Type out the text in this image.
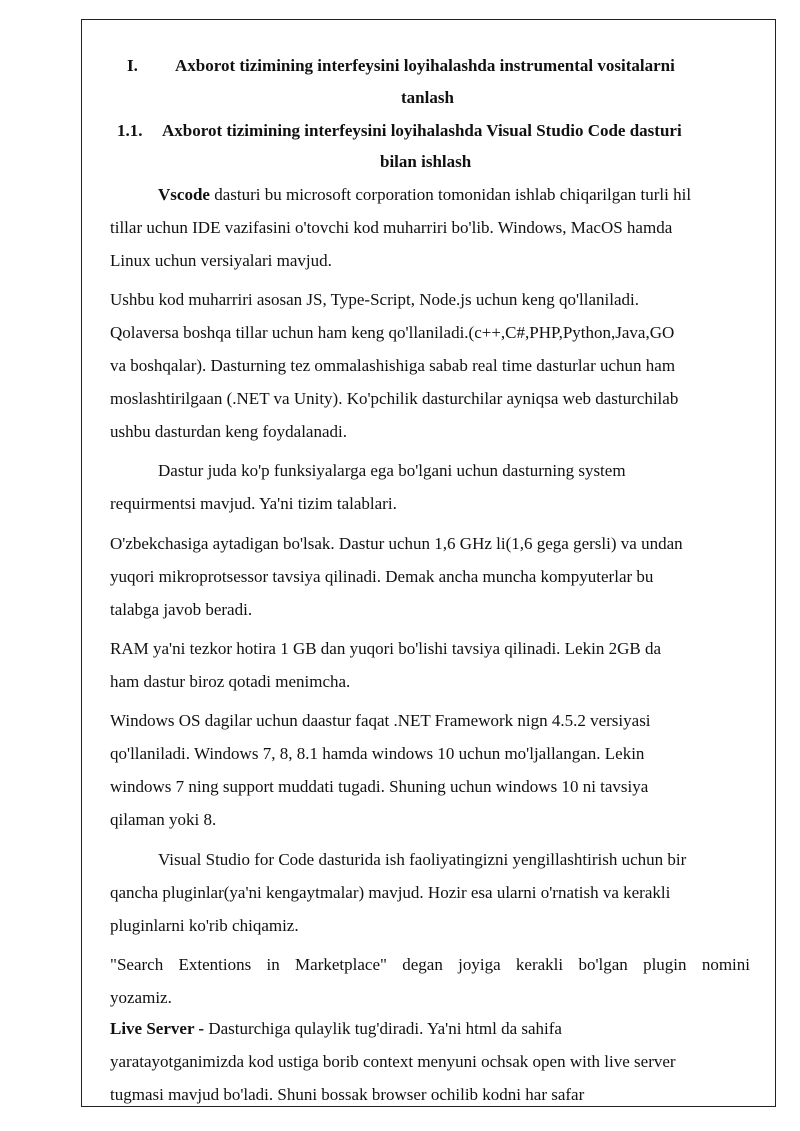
I. Axborot tizimining interfeysini loyihalashda instrumental vositalarni
tanlash
1.1. Axborot tizimining interfeysini loyihalashda Visual Studio Code dasturi
bilan ishlash
Vscode dasturi bu microsoft corporation tomonidan ishlab chiqarilgan turli hil
tillar uchun IDE vazifasini o'tovchi kod muharriri bo'lib. Windows, MacOS hamda
Linux uchun versiyalari mavjud.
Ushbu kod muharriri asosan JS, Type-Script, Node.js uchun keng qo'llaniladi.
Qolaversa boshqa tillar uchun ham keng qo'llaniladi.(c++,C#,PHP,Python,Java,GO
va boshqalar). Dasturning tez ommalashishiga sabab real time dasturlar uchun ham
moslashtirilgaan (.NET va Unity). Ko'pchilik dasturchilar ayniqsa web dasturchilab
ushbu dasturdan keng foydalanadi.
Dastur juda ko'p funksiyalarga ega bo'lgani uchun dasturning system
requirmentsi mavjud. Ya'ni tizim talablari.
O'zbekchasiga aytadigan bo'lsak. Dastur uchun 1,6 GHz li(1,6 gega gersli) va undan
yuqori mikroprotsessor tavsiya qilinadi. Demak ancha muncha kompyuterlar bu
talabga javob beradi.
RAM ya'ni tezkor hotira 1 GB dan yuqori bo'lishi tavsiya qilinadi. Lekin 2GB da
ham dastur biroz qotadi menimcha.
Windows OS dagilar uchun daastur faqat .NET Framework nign 4.5.2 versiyasi
qo'llaniladi. Windows 7, 8, 8.1 hamda windows 10 uchun mo'ljallangan. Lekin
windows 7 ning support muddati tugadi. Shuning uchun windows 10 ni tavsiya
qilaman yoki 8.
Visual Studio for Code dasturida ish faoliyatingizni yengillashtirish uchun bir
qancha pluginlar(ya'ni kengaytmalar) mavjud. Hozir esa ularni o'rnatish va kerakli
pluginlarni ko'rib chiqamiz.
"Search Extentions in Marketplace" degan joyiga kerakli bo'lgan plugin nomini
yozamiz.
Live Server - Dasturchiga qulaylik tug'diradi. Ya'ni html da sahifa
yaratayotganimizda kod ustiga borib context menyuni ochsak open with live server
tugmasi mavjud bo'ladi. Shuni bossak browser ochilib kodni har safar
